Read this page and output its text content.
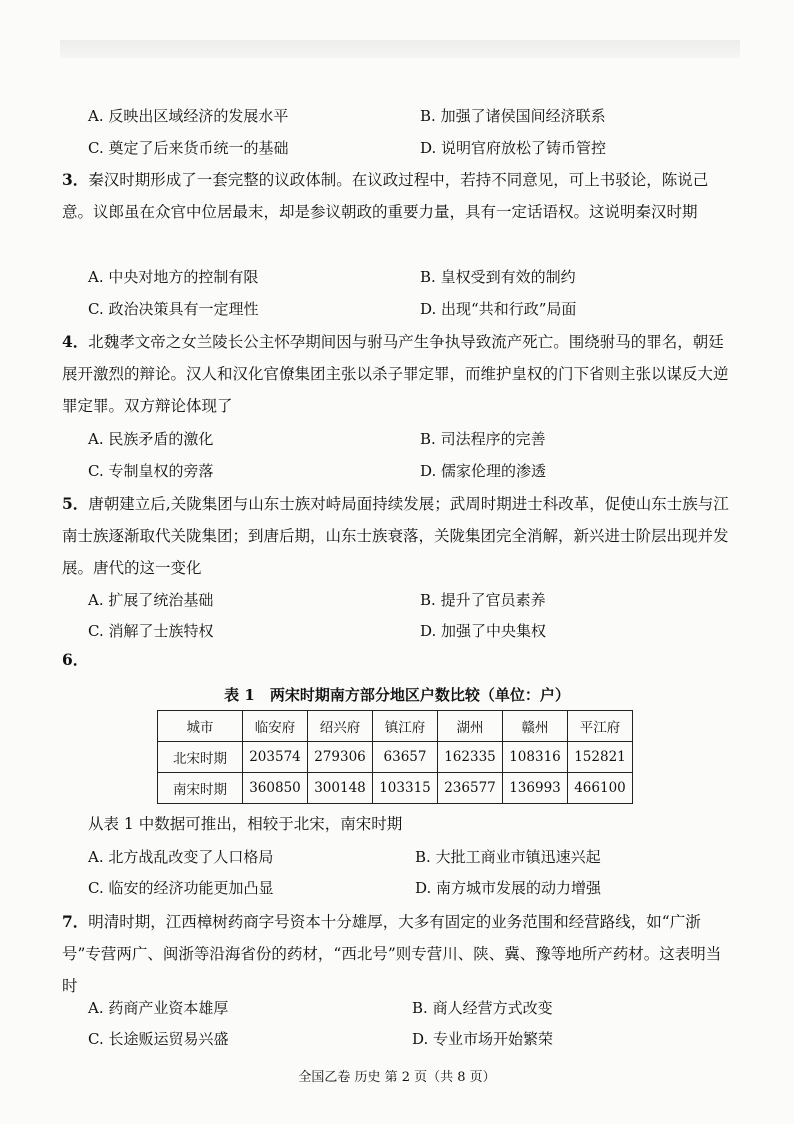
A. 反映出区域经济的发展水平	B. 加强了诸侯国间经济联系
C. 奠定了后来货币统一的基础	D. 说明官府放松了铸币管控
3．秦汉时期形成了一套完整的议政体制。在议政过程中，若持不同意见，可上书驳论，陈说己意。议郎虽在众官中位居最末，却是参议朝政的重要力量，具有一定话语权。这说明秦汉时期
A. 中央对地方的控制有限	B. 皇权受到有效的制约
C. 政治决策具有一定理性	D. 出现“共和行政”局面
4．北魏孝文帝之女兰陵长公主怀孕期间因与驸马产生争执导致流产死亡。围绕驸马的罪名，朝廷展开激烈的辩论。汉人和汉化官僚集团主张以杀子罪定罪，而维护皇权的门下省则主张以谋反大逆罪定罪。双方辩论体现了
A. 民族矛盾的激化	B. 司法程序的完善
C. 专制皇权的旁落	D. 儒家伦理的渗透
5．唐朝建立后,关陇集团与山东士族对峙局面持续发展；武周时期进士科改革，促使山东士族与江南士族逐渐取代关陇集团；到唐后期，山东士族衰落，关陇集团完全消解，新兴进士阶层出现并发展。唐代的这一变化
A. 扩展了统治基础	B. 提升了官员素养
C. 消解了士族特权	D. 加强了中央集权
6．
表 1　两宋时期南方部分地区户数比较（单位：户）
城市	临安府	绍兴府	镇江府	湖州	赣州	平江府
北宋时期	203574	279306	63657	162335	108316	152821
南宋时期	360850	300148	103315	236577	136993	466100
从表 1 中数据可推出，相较于北宋，南宋时期
A. 北方战乱改变了人口格局	B. 大批工商业市镇迅速兴起
C. 临安的经济功能更加凸显	D. 南方城市发展的动力增强
7．明清时期，江西樟树药商字号资本十分雄厚，大多有固定的业务范围和经营路线，如“广浙号”专营两广、闽浙等沿海省份的药材，“西北号”则专营川、陕、冀、豫等地所产药材。这表明当时
A. 药商产业资本雄厚	B. 商人经营方式改变
C. 长途贩运贸易兴盛	D. 专业市场开始繁荣
全国乙卷 历史 第 2 页（共 8 页）
